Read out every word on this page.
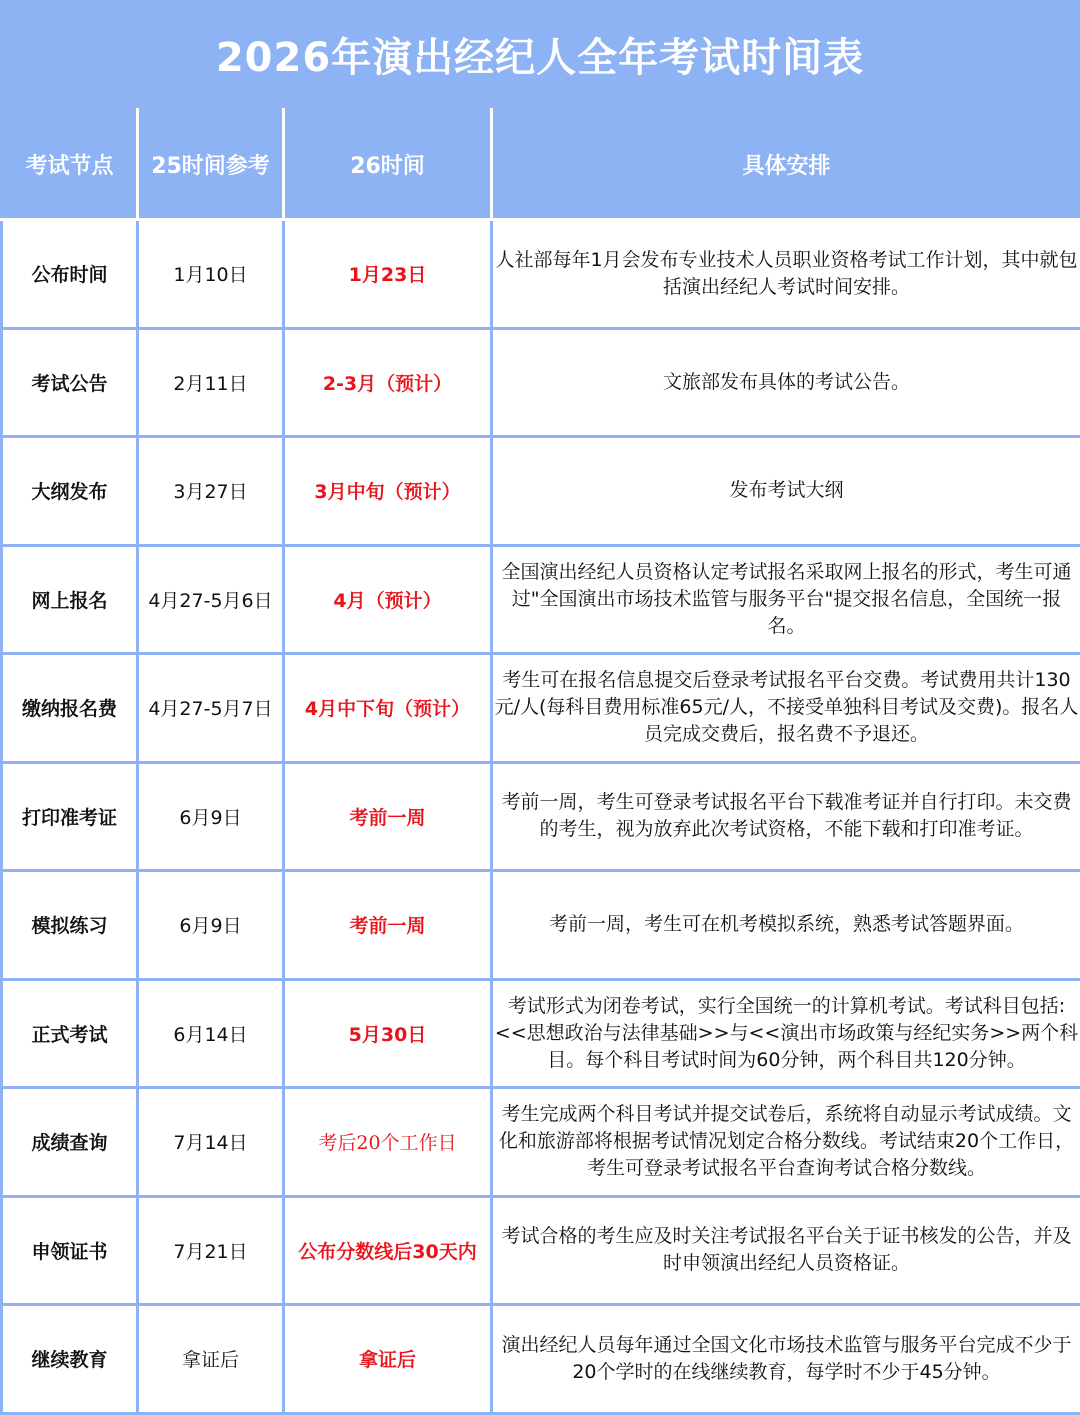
2026年演出经纪人全年考试时间表
考试节点	25时间参考	26时间	具体安排
公布时间	1月10日	1月23日	人社部每年1月会发布专业技术人员职业资格考试工作计划，其中就包括演出经纪人考试时间安排。
考试公告	2月11日	2-3月（预计）	文旅部发布具体的考试公告。
大纲发布	3月27日	3月中旬（预计）	发布考试大纲
网上报名	4月27-5月6日	4月（预计）	全国演出经纪人员资格认定考试报名采取网上报名的形式，考生可通过"全国演出市场技术监管与服务平台"提交报名信息，全国统一报名。
缴纳报名费	4月27-5月7日	4月中下旬（预计）	考生可在报名信息提交后登录考试报名平台交费。考试费用共计130元/人(每科目费用标准65元/人，不接受单独科目考试及交费)。报名人员完成交费后，报名费不予退还。
打印准考证	6月9日	考前一周	考前一周，考生可登录考试报名平台下载准考证并自行打印。未交费的考生，视为放弃此次考试资格，不能下载和打印准考证。
模拟练习	6月9日	考前一周	考前一周，考生可在机考模拟系统，熟悉考试答题界面。
正式考试	6月14日	5月30日	考试形式为闭卷考试，实行全国统一的计算机考试。考试科目包括:<<思想政治与法律基础>>与<<演出市场政策与经纪实务>>两个科目。每个科目考试时间为60分钟，两个科目共120分钟。
成绩查询	7月14日	考后20个工作日	考生完成两个科目考试并提交试卷后，系统将自动显示考试成绩。文化和旅游部将根据考试情况划定合格分数线。考试结束20个工作日，考生可登录考试报名平台查询考试合格分数线。
申领证书	7月21日	公布分数线后30天内	考试合格的考生应及时关注考试报名平台关于证书核发的公告，并及时申领演出经纪人员资格证。
继续教育	拿证后	拿证后	演出经纪人员每年通过全国文化市场技术监管与服务平台完成不少于20个学时的在线继续教育，每学时不少于45分钟。
